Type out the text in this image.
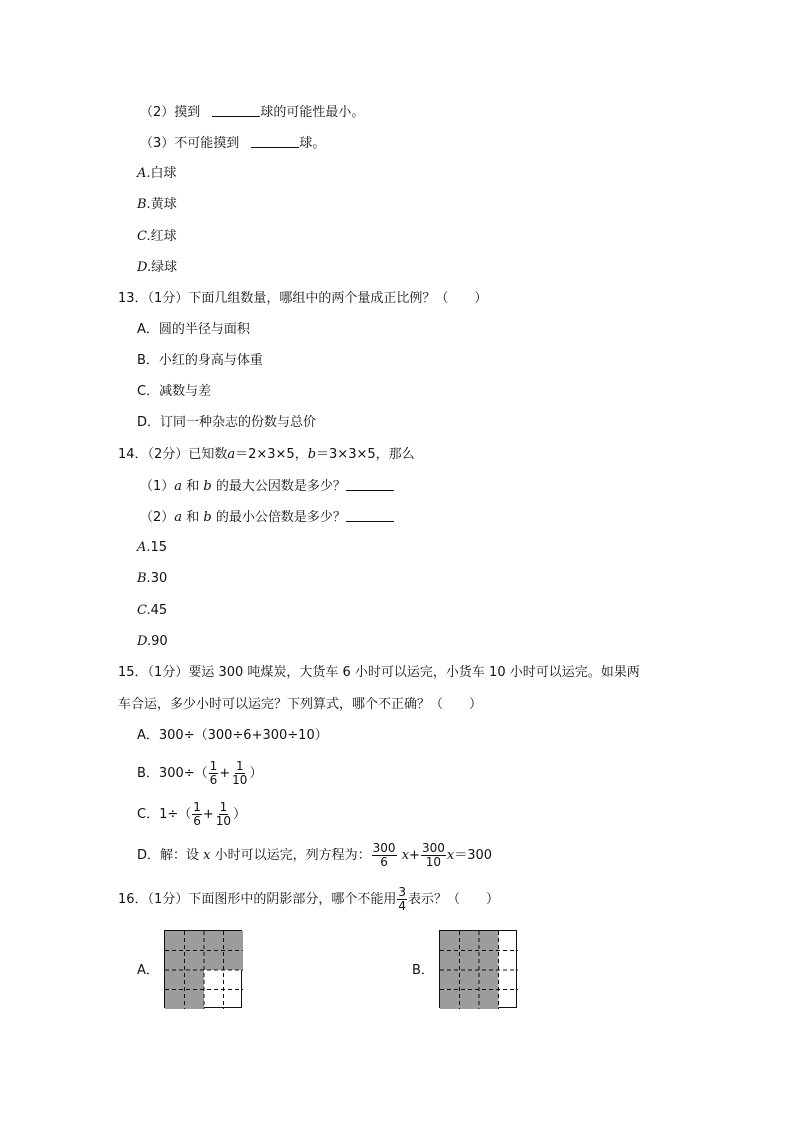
（2）摸到	球的可能性最小。
（3）不可能摸到	球。
A.白球
B.黄球
C.红球
D.绿球
13．（1分）下面几组数量，哪组中的两个量成正比例？（　　）
A．圆的半径与面积
B．小红的身高与体重
C．减数与差
D．订同一种杂志的份数与总价
14．（2分）已知数a＝2×3×5，b＝3×3×5，那么
（1）a 和 b 的最大公因数是多少？
（2）a 和 b 的最小公倍数是多少？
A.15
B.30
C.45
D.90
15．（1分）要运 300 吨煤炭，大货车 6 小时可以运完，小货车 10 小时可以运完。如果两
车合运，多少小时可以运完？下列算式，哪个不正确？（　　）
A．300÷（300÷6+300÷10）
B．$300\div( \frac{1}{6} + \frac{1}{10}$ ）
C．$1\div( \frac{1}{6} + \frac{1}{10}$ ）
D．解：设 x 小时可以运完，列方程为： $\frac{300}{6} x+ \frac{300}{10} x=300$
16．（1分）下面图形中的阴影部分，哪个不能用 $\frac{3}{4}$ 表示？（　　）
A．	B．
